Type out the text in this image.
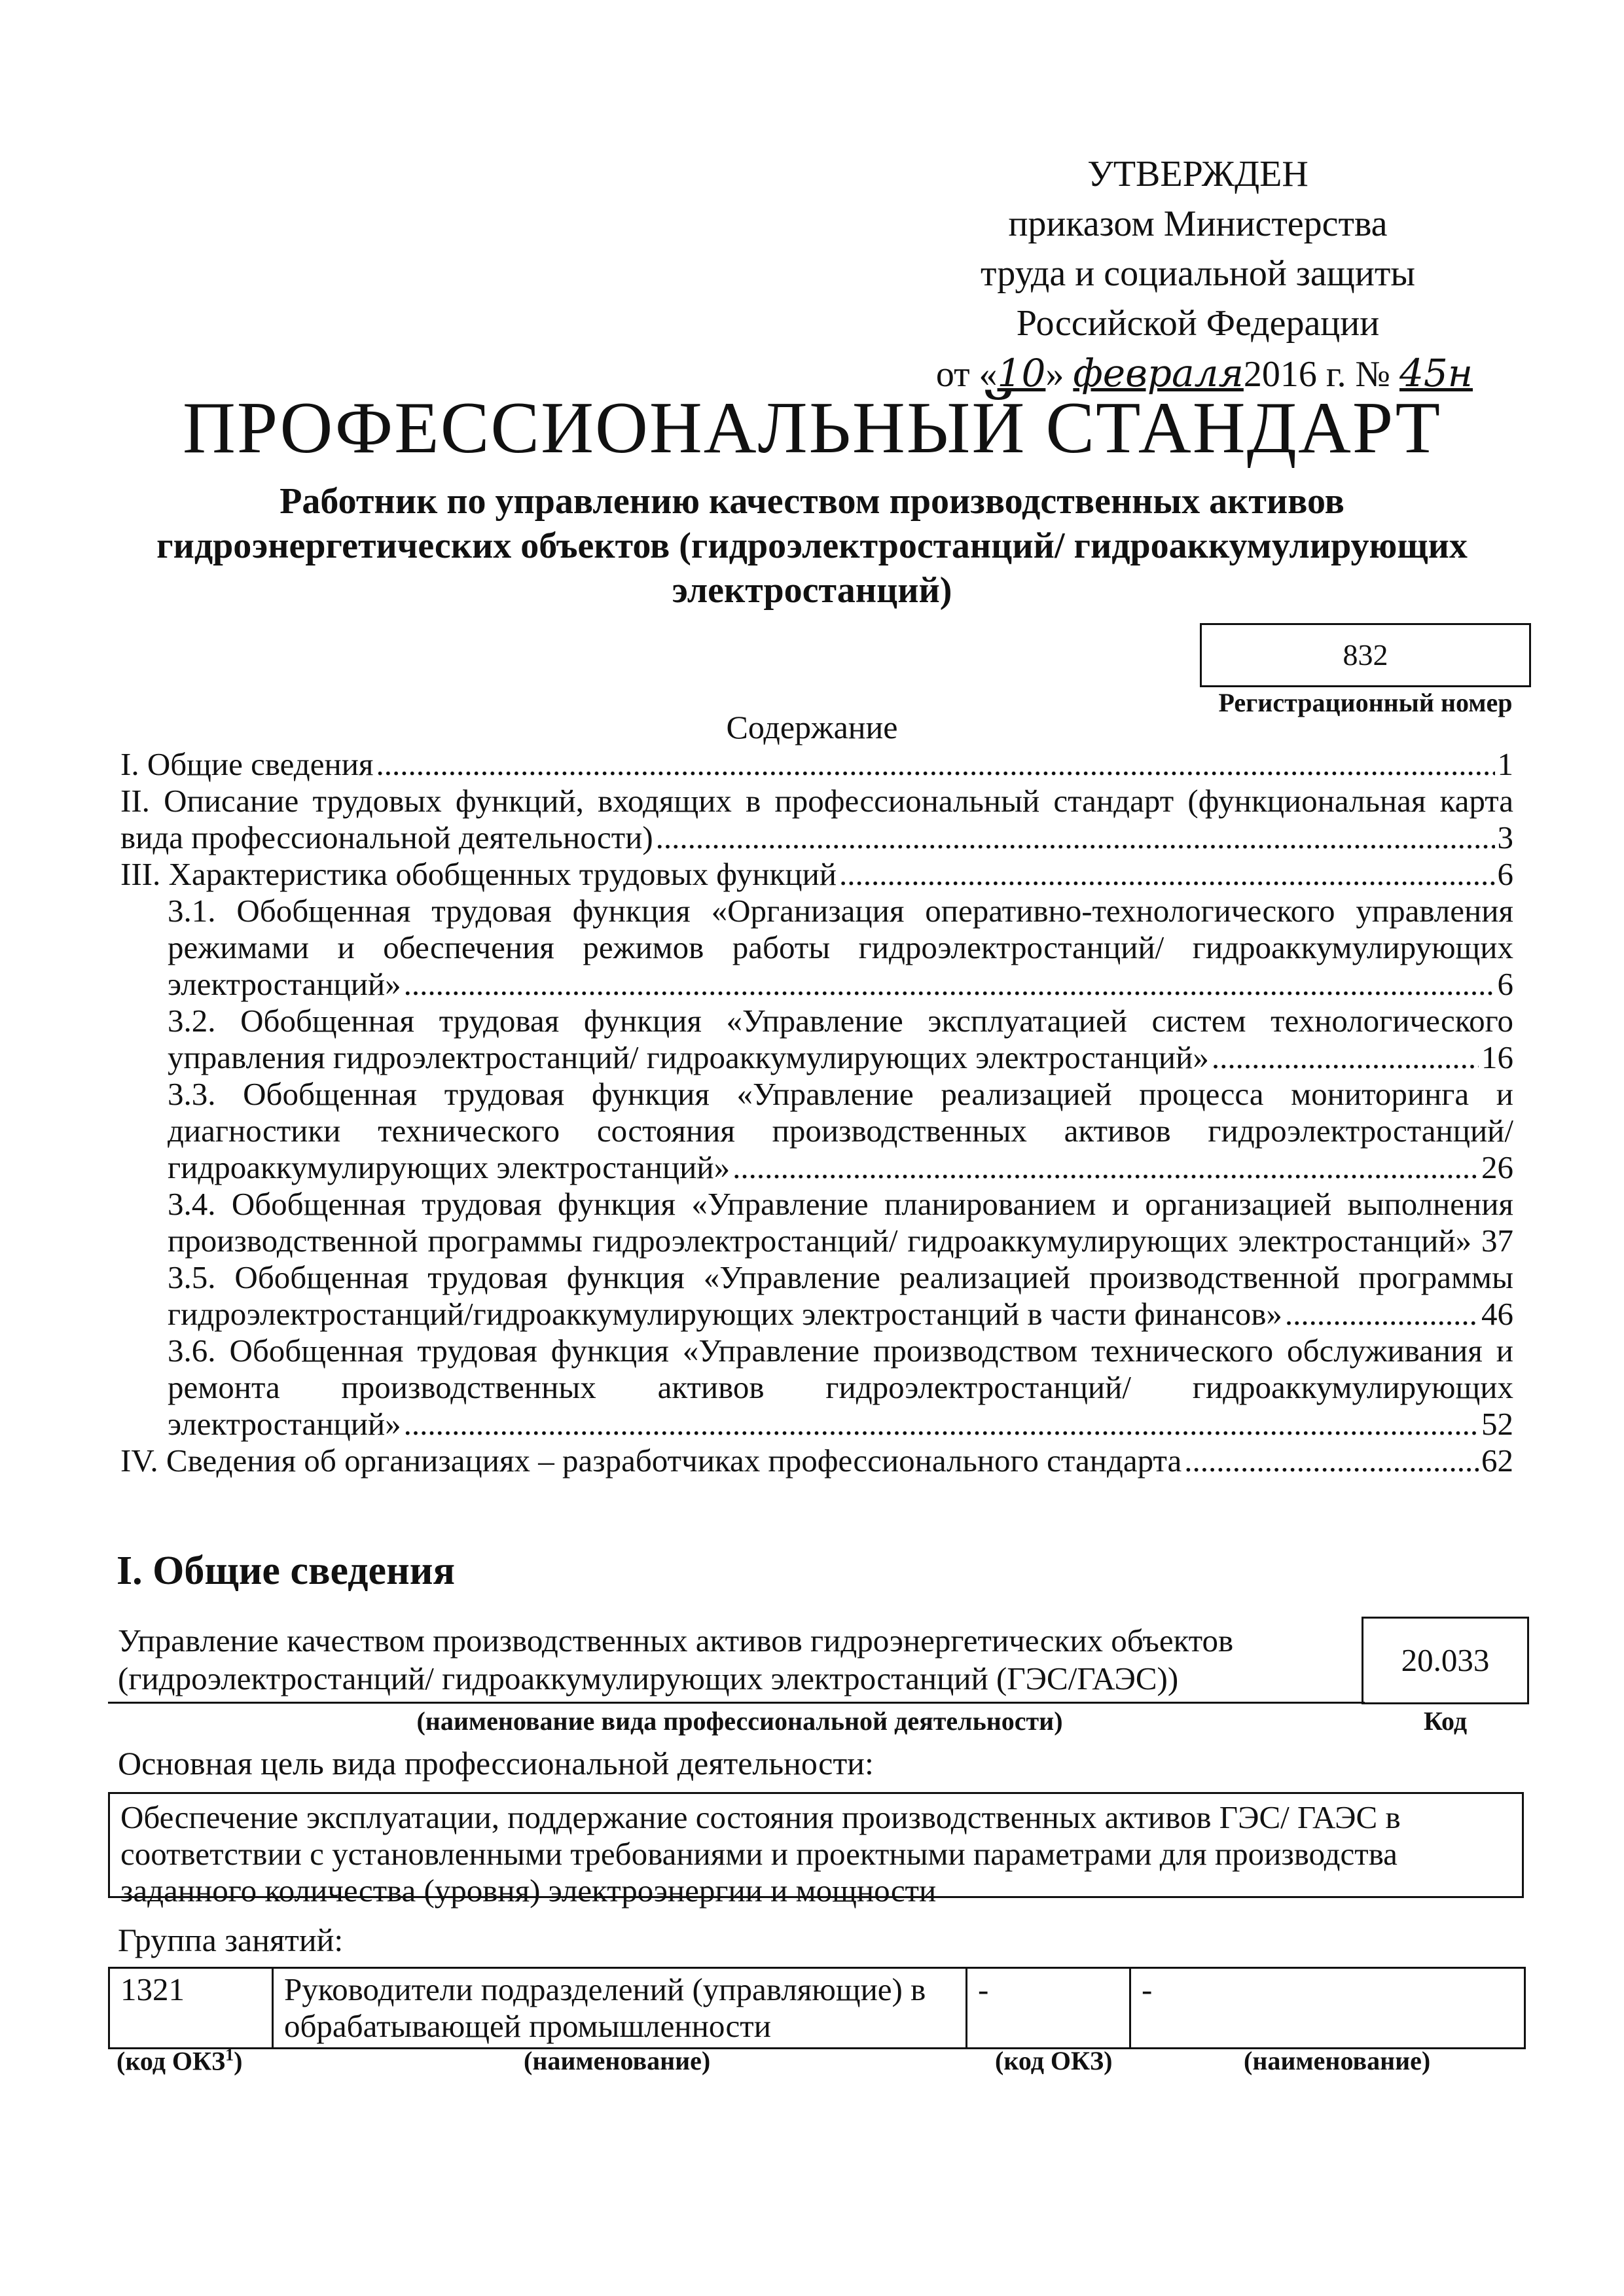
УТВЕРЖДЕН
приказом Министерства
труда и социальной защиты
Российской Федерации
от «10» февраля2016 г. № 45н
ПРОФЕССИОНАЛЬНЫЙ СТАНДАРТ
Работник по управлению качеством производственных активов гидроэнергетических объектов (гидроэлектростанций/ гидроаккумулирующих электростанций)
832
Регистрационный номер
Содержание
I. Общие сведения .....	1
II. Описание трудовых функций, входящих в профессиональный стандарт (функциональная карта
вида профессиональной деятельности) .....	3
III. Характеристика обобщенных трудовых функций .....	6
3.1. Обобщенная трудовая функция «Организация оперативно-технологического управления режимами и обеспечения режимов работы гидроэлектростанций/ гидроаккумулирующих
электростанций» .....	6
3.2. Обобщенная трудовая функция «Управление эксплуатацией систем технологического
управления гидроэлектростанций/ гидроаккумулирующих электростанций» .....	16
3.3. Обобщенная трудовая функция «Управление реализацией процесса мониторинга и диагностики технического состояния производственных активов гидроэлектростанций/
гидроаккумулирующих электростанций» .....	26
3.4. Обобщенная трудовая функция «Управление планированием и организацией выполнения
производственной программы гидроэлектростанций/ гидроаккумулирующих электростанций» 37
3.5. Обобщенная трудовая функция «Управление реализацией производственной программы
гидроэлектростанций/гидроаккумулирующих электростанций в части финансов» .....	46
3.6. Обобщенная трудовая функция «Управление производством технического обслуживания и ремонта производственных активов гидроэлектростанций/ гидроаккумулирующих
электростанций» .....	52
IV. Сведения об организациях – разработчиках профессионального стандарта .....	62
I. Общие сведения
Управление качеством производственных активов гидроэнергетических объектов (гидроэлектростанций/ гидроаккумулирующих электростанций (ГЭС/ГАЭС))
20.033
(наименование вида профессиональной деятельности)	Код
Основная цель вида профессиональной деятельности:
Обеспечение эксплуатации, поддержание состояния производственных активов ГЭС/ ГАЭС в соответствии с установленными требованиями и проектными параметрами для производства заданного количества (уровня) электроэнергии и мощности
Группа занятий:
1321	Руководители подразделений (управляющие) в обрабатывающей промышленности	-	-
(код ОКЗ$^1$)	(наименование)	(код ОКЗ)	(наименование)
